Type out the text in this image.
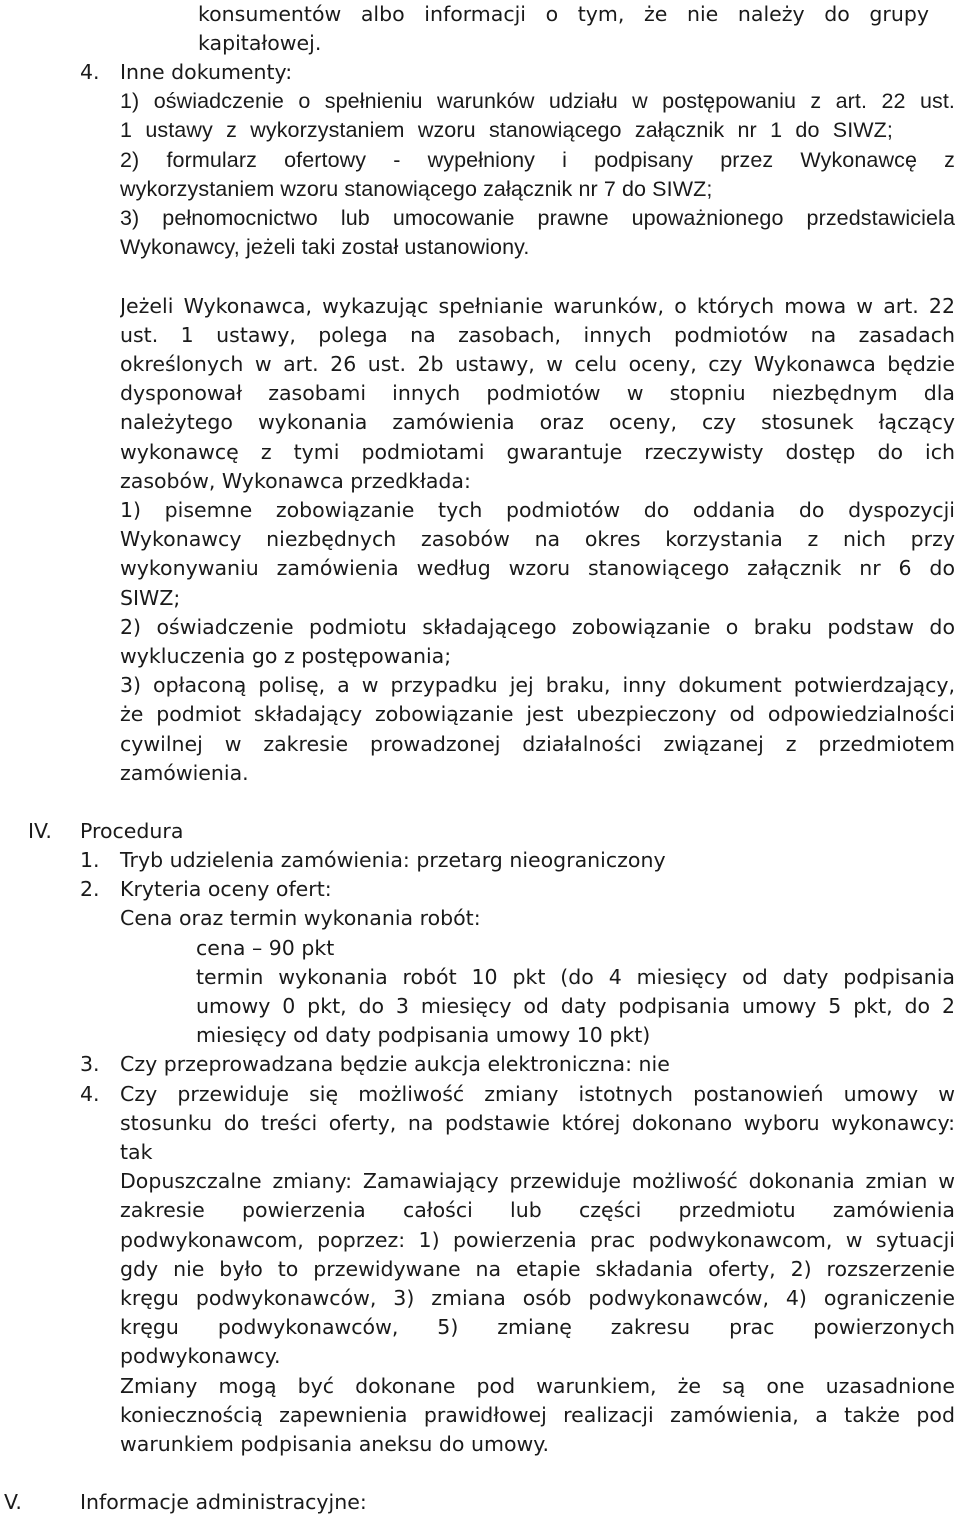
konsumentów albo informacji o tym, że nie należy do grupy
kapitałowej.
4. Inne dokumenty:
1) oświadczenie o spełnieniu warunków udziału w postępowaniu z art. 22 ust.
1 ustawy z wykorzystaniem wzoru stanowiącego załącznik nr 1 do SIWZ;
2) formularz ofertowy - wypełniony i podpisany przez Wykonawcę z
wykorzystaniem wzoru stanowiącego załącznik nr 7 do SIWZ;
3) pełnomocnictwo lub umocowanie prawne upoważnionego przedstawiciela
Wykonawcy, jeżeli taki został ustanowiony.
Jeżeli Wykonawca, wykazując spełnianie warunków, o których mowa w art. 22
ust. 1 ustawy, polega na zasobach, innych podmiotów na zasadach
określonych w art. 26 ust. 2b ustawy, w celu oceny, czy Wykonawca będzie
dysponował zasobami innych podmiotów w stopniu niezbędnym dla
należytego wykonania zamówienia oraz oceny, czy stosunek łączący
wykonawcę z tymi podmiotami gwarantuje rzeczywisty dostęp do ich
zasobów, Wykonawca przedkłada:
1) pisemne zobowiązanie tych podmiotów do oddania do dyspozycji
Wykonawcy niezbędnych zasobów na okres korzystania z nich przy
wykonywaniu zamówienia według wzoru stanowiącego załącznik nr 6 do
SIWZ;
2) oświadczenie podmiotu składającego zobowiązanie o braku podstaw do
wykluczenia go z postępowania;
3) opłaconą polisę, a w przypadku jej braku, inny dokument potwierdzający,
że podmiot składający zobowiązanie jest ubezpieczony od odpowiedzialności
cywilnej w zakresie prowadzonej działalności związanej z przedmiotem
zamówienia.
IV. Procedura
1. Tryb udzielenia zamówienia: przetarg nieograniczony
2. Kryteria oceny ofert:
Cena oraz termin wykonania robót:
cena – 90 pkt
termin wykonania robót 10 pkt (do 4 miesięcy od daty podpisania
umowy 0 pkt, do 3 miesięcy od daty podpisania umowy 5 pkt, do 2
miesięcy od daty podpisania umowy 10 pkt)
3. Czy przeprowadzana będzie aukcja elektroniczna: nie
4. Czy przewiduje się możliwość zmiany istotnych postanowień umowy w
stosunku do treści oferty, na podstawie której dokonano wyboru wykonawcy:
tak
Dopuszczalne zmiany: Zamawiający przewiduje możliwość dokonania zmian w
zakresie powierzenia całości lub części przedmiotu zamówienia
podwykonawcom, poprzez: 1) powierzenia prac podwykonawcom, w sytuacji
gdy nie było to przewidywane na etapie składania oferty, 2) rozszerzenie
kręgu podwykonawców, 3) zmiana osób podwykonawców, 4) ograniczenie
kręgu podwykonawców, 5) zmianę zakresu prac powierzonych
podwykonawcy.
Zmiany mogą być dokonane pod warunkiem, że są one uzasadnione
koniecznością zapewnienia prawidłowej realizacji zamówienia, a także pod
warunkiem podpisania aneksu do umowy.
V.	Informacje administracyjne:
